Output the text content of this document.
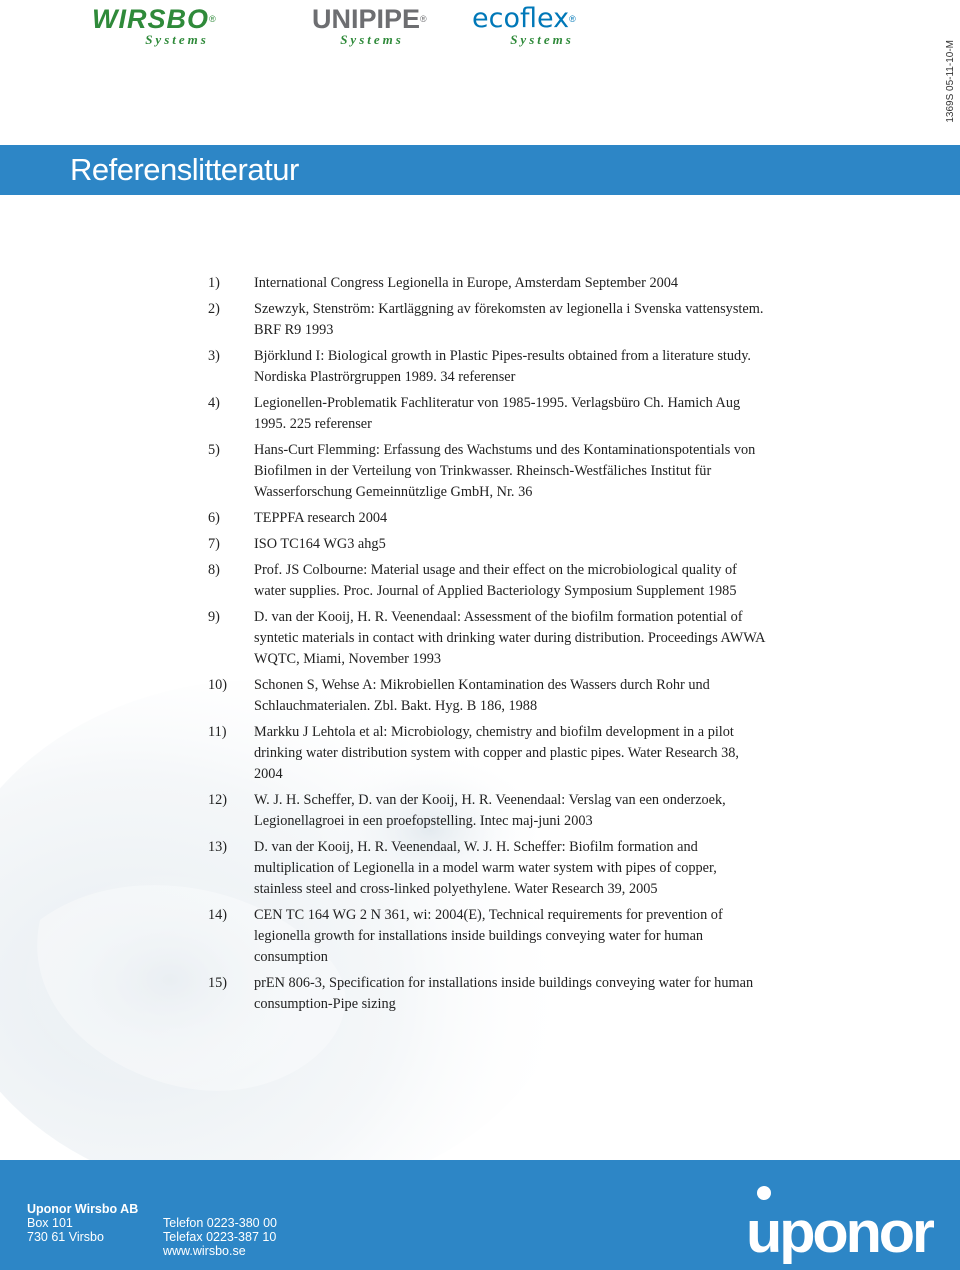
WIRSBO®
Systems
UNIPIPE®
Systems
ecoflex®
Systems
1369S 05-11-10-M
Referenslitteratur
1) International Congress Legionella in Europe, Amsterdam September 2004
2) Szewzyk, Stenström: Kartläggning av förekomsten av legionella i Svenska vattensystem. BRF R9 1993
3) Björklund I: Biological growth in Plastic Pipes-results obtained from a literature study. Nordiska Plaströrgruppen 1989. 34 referenser
4) Legionellen-Problematik Fachliteratur von 1985-1995. Verlagsbüro Ch. Hamich Aug 1995. 225 referenser
5) Hans-Curt Flemming: Erfassung des Wachstums und des Kontaminationspotentials von Biofilmen in der Verteilung von Trinkwasser. Rheinsch-Westfäliches Institut für Wasserforschung Gemeinnützlige GmbH, Nr. 36
6) TEPPFA research 2004
7) ISO TC164 WG3 ahg5
8) Prof. JS Colbourne: Material usage and their effect on the microbiological quality of water supplies. Proc. Journal of Applied Bacteriology Symposium Supplement 1985
9) D. van der Kooij, H. R. Veenendaal: Assessment of the biofilm formation potential of syntetic materials in contact with drinking water during distribution. Proceedings AWWA WQTC, Miami, November 1993
10) Schonen S, Wehse A: Mikrobiellen Kontamination des Wassers durch Rohr und Schlauchmaterialen. Zbl. Bakt. Hyg. B 186, 1988
11) Markku J Lehtola et al: Microbiology, chemistry and biofilm development in a pilot drinking water distribution system with copper and plastic pipes. Water Research 38, 2004
12) W. J. H. Scheffer, D. van der Kooij, H. R. Veenendaal: Verslag van een onderzoek, Legionellagroei in een proefopstelling. Intec maj-juni 2003
13) D. van der Kooij, H. R. Veenendaal, W. J. H. Scheffer: Biofilm formation and multiplication of Legionella in a model warm water system with pipes of copper, stainless steel and cross-linked polyethylene. Water Research 39, 2005
14) CEN TC 164 WG 2 N 361, wi: 2004(E), Technical requirements for prevention of legionella growth for installations inside buildings conveying water for human consumption
15) prEN 806-3, Specification for installations inside buildings conveying water for human consumption-Pipe sizing
Uponor Wirsbo AB
Box 101
730 61 Virsbo
Telefon 0223-380 00
Telefax 0223-387 10
www.wirsbo.se	uponor
